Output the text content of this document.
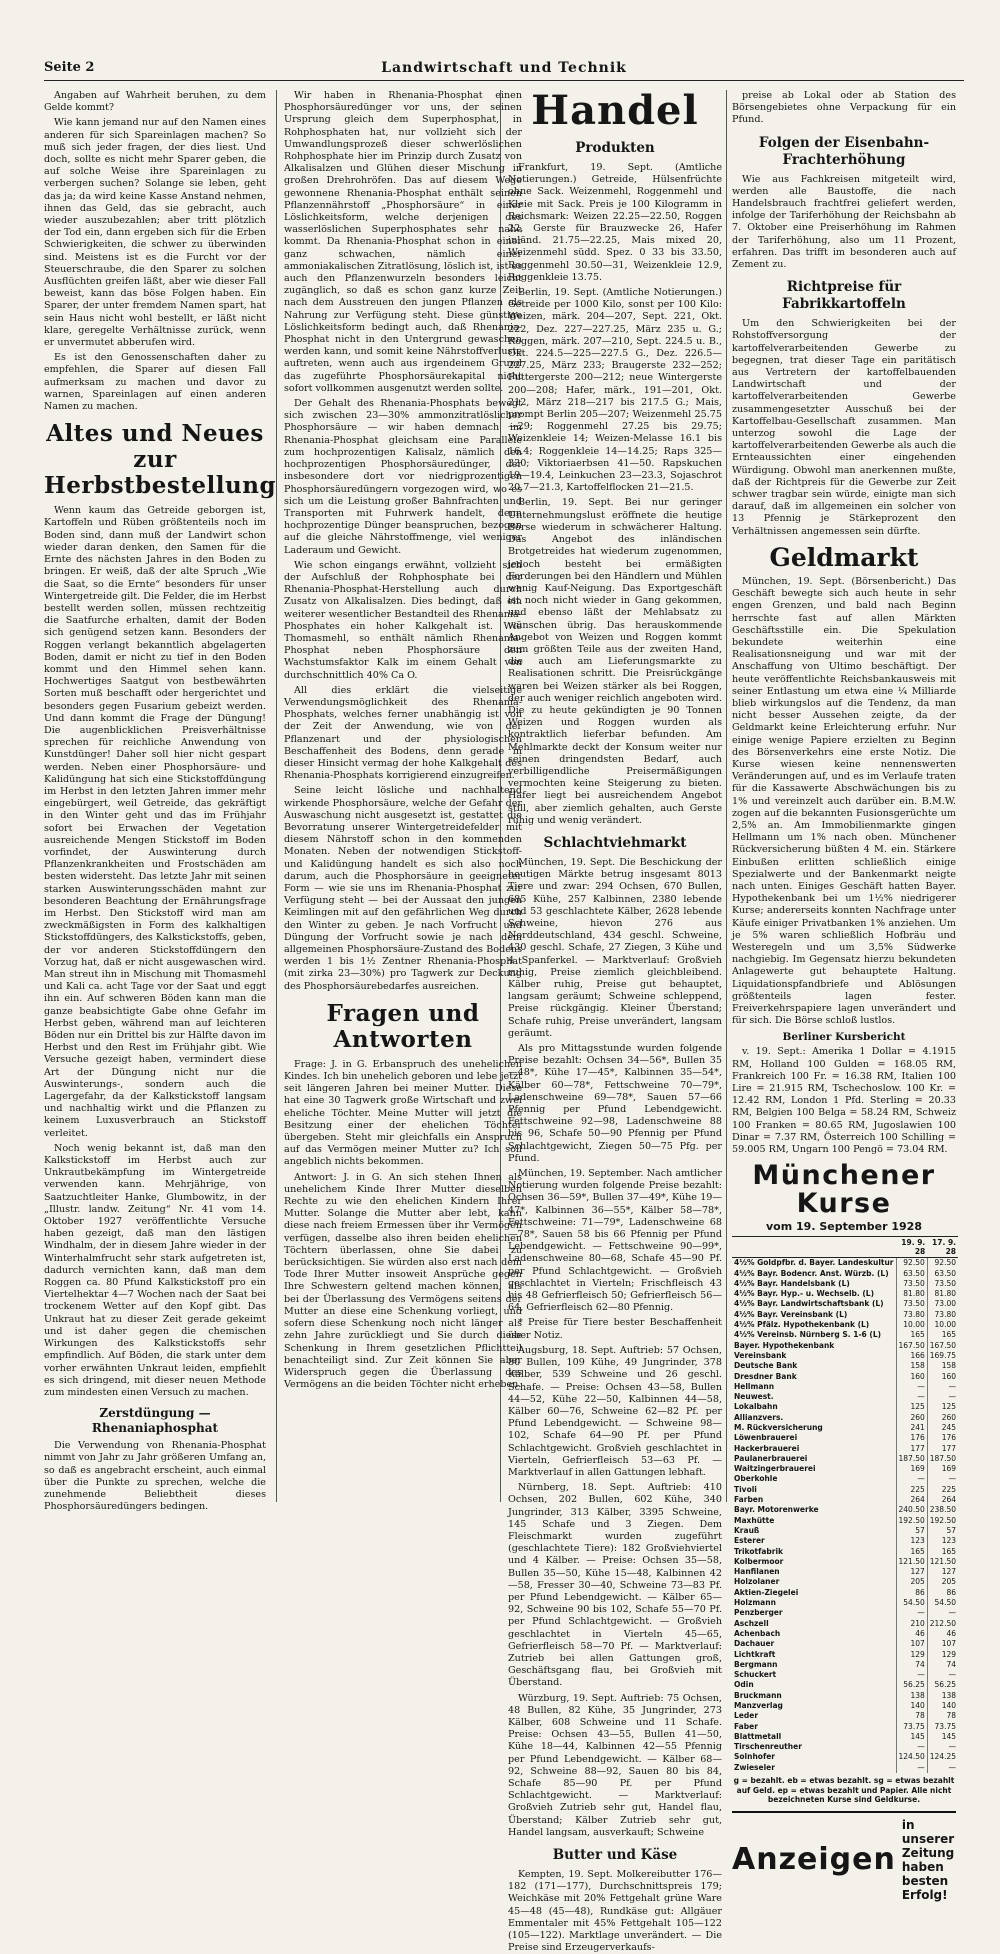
Seite 2	Landwirtschaft und Technik

Angaben auf Wahrheit beruhen, zu dem Gelde kommt?

Wie kann jemand nur auf den Namen eines anderen für sich Spareinlagen machen? So muß sich jeder fragen, der dies liest. Und doch, sollte es nicht mehr Sparer geben, die auf solche Weise ihre Spareinlagen zu verbergen suchen? Solange sie leben, geht das ja; da wird keine Kasse Anstand nehmen, ihnen das Geld, das sie gebracht, auch wieder auszubezahlen; aber tritt plötzlich der Tod ein, dann ergeben sich für die Erben Schwierigkeiten, die schwer zu überwinden sind. Meistens ist es die Furcht vor der Steuerschraube, die den Sparer zu solchen Ausflüchten greifen läßt, aber wie dieser Fall beweist, kann das böse Folgen haben. Ein Sparer, der unter fremdem Namen spart, hat sein Haus nicht wohl bestellt, er läßt nicht klare, geregelte Verhältnisse zurück, wenn er unvermutet abberufen wird.

Es ist den Genossenschaften daher zu empfehlen, die Sparer auf diesen Fall aufmerksam zu machen und davor zu warnen, Spareinlagen auf einen anderen Namen zu machen.

Altes und Neues zur Herbstbestellung

Wenn kaum das Getreide geborgen ist, Kartoffeln und Rüben größtenteils noch im Boden sind, dann muß der Landwirt schon wieder daran denken, den Samen für die Ernte des nächsten Jahres in den Boden zu bringen. Er weiß, daß der alte Spruch „Wie die Saat, so die Ernte“ besonders für unser Wintergetreide gilt. Die Felder, die im Herbst bestellt werden sollen, müssen rechtzeitig die Saatfurche erhalten, damit der Boden sich genügend setzen kann. Besonders der Roggen verlangt bekanntlich abgelagerten Boden, damit er nicht zu tief in den Boden kommt und den Himmel sehen kann. Hochwertiges Saatgut von bestbewährten Sorten muß beschafft oder hergerichtet und besonders gegen Fusarium gebeizt werden. Und dann kommt die Frage der Düngung! Die augenblicklichen Preisverhältnisse sprechen für reichliche Anwendung von Kunstdünger! Daher soll hier nicht gespart werden. Neben einer Phosphorsäure- und Kalidüngung hat sich eine Stickstoffdüngung im Herbst in den letzten Jahren immer mehr eingebürgert, weil Getreide, das gekräftigt in den Winter geht und das im Frühjahr sofort bei Erwachen der Vegetation ausreichende Mengen Stickstoff im Boden vorfindet, der Auswinterung durch Pflanzenkrankheiten und Frostschäden am besten widersteht. Das letzte Jahr mit seinen starken Auswinterungsschäden mahnt zur besonderen Beachtung der Ernährungsfrage im Herbst. Den Stickstoff wird man am zweckmäßigsten in Form des kalkhaltigen Stickstoffdüngers, des Kalkstickstoffs, geben, der vor anderen Stickstoffdüngern den Vorzug hat, daß er nicht ausgewaschen wird. Man streut ihn in Mischung mit Thomasmehl und Kali ca. acht Tage vor der Saat und eggt ihn ein. Auf schweren Böden kann man die ganze beabsichtigte Gabe ohne Gefahr im Herbst geben, während man auf leichteren Böden nur ein Drittel bis zur Hälfte davon im Herbst und den Rest im Frühjahr gibt. Wie Versuche gezeigt haben, vermindert diese Art der Düngung nicht nur die Auswinterungs-, sondern auch die Lagergefahr, da der Kalkstickstoff langsam und nachhaltig wirkt und die Pflanzen zu keinem Luxusverbrauch an Stickstoff verleitet.

Noch wenig bekannt ist, daß man den Kalkstickstoff im Herbst auch zur Unkrautbekämpfung im Wintergetreide verwenden kann. Mehrjährige, von Saatzuchtleiter Hanke, Glumbowitz, in der „Illustr. landw. Zeitung“ Nr. 41 vom 14. Oktober 1927 veröffentlichte Versuche haben gezeigt, daß man den lästigen Windhalm, der in diesem Jahre wieder in der Winterhalmfrucht sehr stark aufgetreten ist, dadurch vernichten kann, daß man dem Roggen ca. 80 Pfund Kalkstickstoff pro ein Viertelhektar 4—7 Wochen nach der Saat bei trockenem Wetter auf den Kopf gibt. Das Unkraut hat zu dieser Zeit gerade gekeimt und ist daher gegen die chemischen Wirkungen des Kalkstickstoffs sehr empfindlich. Auf Böden, die stark unter dem vorher erwähnten Unkraut leiden, empfiehlt es sich dringend, mit dieser neuen Methode zum mindesten einen Versuch zu machen.

Zerstdüngung — Rhenaniaphosphat

Die Verwendung von Rhenania-Phosphat nimmt von Jahr zu Jahr größeren Umfang an, so daß es angebracht erscheint, auch einmal über die Punkte zu sprechen, welche die zunehmende Beliebtheit dieses Phosphorsäuredüngers bedingen.

Wir haben in Rhenania-Phosphat einen Phosphorsäuredünger vor uns, der seinen Ursprung gleich dem Superphosphat, in Rohphosphaten hat, nur vollzieht sich der Umwandlungsprozeß dieser schwerlöslichen Rohphosphate hier im Prinzip durch Zusatz von Alkalisalzen und Glühen dieser Mischung in großen Drehrohröfen. Das auf diesem Wege gewonnene Rhenania-Phosphat enthält seinen Pflanzennährstoff „Phosphorsäure“ in einer Löslichkeitsform, welche derjenigen des wasserlöslichen Superphosphates sehr nahe kommt. Da Rhenania-Phosphat schon in einer ganz schwachen, nämlich einer ammoniakalischen Zitratlösung, löslich ist, ist es auch den Pflanzenwurzeln besonders leicht zugänglich, so daß es schon ganz kurze Zeit nach dem Ausstreuen den jungen Pflanzen als Nahrung zur Verfügung steht. Diese günstige Löslichkeitsform bedingt auch, daß Rhenania-Phosphat nicht in den Untergrund gewaschen werden kann, und somit keine Nährstoffverluste auftreten, wenn auch aus irgendeinem Grund das zugeführte Phosphorsäurekapital nicht sofort vollkommen ausgenutzt werden sollte.

Der Gehalt des Rhenania-Phosphats bewegt sich zwischen 23—30% ammonzitratlöslicher Phosphorsäure — wir haben demnach im Rhenania-Phosphat gleichsam eine Parallele zum hochprozentigen Kalisalz, nämlich den hochprozentigen Phosphorsäuredünger, der insbesondere dort vor niedrigprozentigen Phosphorsäuredüngern vorgezogen wird, wo es sich um die Leistung großer Bahnfrachten und Transporten mit Fuhrwerk handelt, denn hochprozentige Dünger beanspruchen, bezogen auf die gleiche Nährstoffmenge, viel weniger Laderaum und Gewicht.

Wie schon eingangs erwähnt, vollzieht sich der Aufschluß der Rohphosphate bei der Rhenania-Phosphat-Herstellung auch durch Zusatz von Alkalisalzen. Dies bedingt, daß ein weiterer wesentlicher Bestandteil des Rhenania-Phosphates ein hoher Kalkgehalt ist. Wie Thomasmehl, so enthält nämlich Rhenania-Phosphat neben Phosphorsäure den Wachstumsfaktor Kalk im einem Gehalt von durchschnittlich 40% Ca O.

All dies erklärt die vielseitige Verwendungsmöglichkeit des Rhenania-Phosphats, welches ferner unabhängig ist von der Zeit der Anwendung, wie von der Pflanzenart und der physiologischen Beschaffenheit des Bodens, denn gerade in dieser Hinsicht vermag der hohe Kalkgehalt des Rhenania-Phosphats korrigierend einzugreifen.

Seine leicht lösliche und nachhaltend wirkende Phosphorsäure, welche der Gefahr der Auswaschung nicht ausgesetzt ist, gestattet die Bevorratung unserer Wintergetreidefelder mit diesem Nährstoff schon in den kommenden Monaten. Neben der notwendigen Stickstoff- und Kalidüngung handelt es sich also noch darum, auch die Phosphorsäure in geeigneter Form — wie sie uns im Rhenania-Phosphat zur Verfügung steht — bei der Aussaat den jungen Keimlingen mit auf den gefährlichen Weg durch den Winter zu geben. Je nach Vorfrucht und Düngung der Vorfrucht sowie je nach dem allgemeinen Phosphorsäure-Zustand des Bodens werden 1 bis 1½ Zentner Rhenania-Phosphat (mit zirka 23—30%) pro Tagwerk zur Deckung des Phosphorsäurebedarfes ausreichen.

Fragen und Antworten

Frage: J. in G. Erbanspruch des unehelichen Kindes. Ich bin unehelich geboren und lebe jetzt seit längeren Jahren bei meiner Mutter. Diese hat eine 30 Tagwerk große Wirtschaft und zwei eheliche Töchter. Meine Mutter will jetzt die Besitzung einer der ehelichen Töchter übergeben. Steht mir gleichfalls ein Anspruch auf das Vermögen meiner Mutter zu? Ich soll angeblich nichts bekommen.

Antwort: J. in G. An sich stehen Ihnen als unehelichem Kinde Ihrer Mutter dieselben Rechte zu wie den ehelichen Kindern Ihrer Mutter. Solange die Mutter aber lebt, kann diese nach freiem Ermessen über ihr Vermögen verfügen, dasselbe also ihren beiden ehelichen Töchtern überlassen, ohne Sie dabei zu berücksichtigen. Sie würden also erst nach dem Tode Ihrer Mutter insoweit Ansprüche gegen Ihre Schwestern geltend machen können, als bei der Überlassung des Vermögens seitens der Mutter an diese eine Schenkung vorliegt, und sofern diese Schenkung noch nicht länger als zehn Jahre zurückliegt und Sie durch diese Schenkung in Ihrem gesetzlichen Pflichtteil benachteiligt sind. Zur Zeit können Sie aber Widerspruch gegen die Überlassung des Vermögens an die beiden Töchter nicht erheben.

Handel
Produkten

Frankfurt, 19. Sept. (Amtliche Notierungen.) Getreide, Hülsenfrüchte ohne Sack. Weizenmehl, Roggenmehl und Kleie mit Sack. Preis je 100 Kilogramm in Reichsmark: Weizen 22.25—22.50, Roggen 22, Gerste für Brauzwecke 26, Hafer inländ. 21.75—22.25, Mais mixed 20, Weizenmehl südd. Spez. 0 33 bis 33.50, Roggenmehl 30.50—31, Weizenkleie 12.9, Roggenkleie 13.75.

Berlin, 19. Sept. (Amtliche Notierungen.) Getreide per 1000 Kilo, sonst per 100 Kilo: Weizen, märk. 204—207, Sept. 221, Okt. 222, Dez. 227—227.25, März 235 u. G.; Roggen, märk. 207—210, Sept. 224.5 u. B., Okt. 224.5—225—227.5 G., Dez. 226.5—227.25, März 233; Braugerste 232—252; Futtergerste 200—212; neue Wintergerste 200—208; Hafer, märk., 191—201, Okt. 212, März 218—217 bis 217.5 G.; Mais, prompt Berlin 205—207; Weizenmehl 25.75—29; Roggenmehl 27.25 bis 29.75; Weizenkleie 14; Weizen-Melasse 16.1 bis 16.4; Roggenkleie 14—14.25; Raps 325—330; Viktoriaerbsen 41—50. Rapskuchen 19—19.4, Leinkuchen 23—23.3, Sojaschrot 20.7—21.3, Kartoffelflocken 21—21.5.

Berlin, 19. Sept. Bei nur geringer Unternehmungslust eröffnete die heutige Börse wiederum in schwächerer Haltung. Das Angebot des inländischen Brotgetreides hat wiederum zugenommen, jedoch besteht bei ermäßigten Forderungen bei den Händlern und Mühlen wenig Kauf-Neigung. Das Exportgeschäft ist noch nicht wieder in Gang gekommen, und ebenso läßt der Mehlabsatz zu wünschen übrig. Das herauskommende Angebot von Weizen und Roggen kommt zum größten Teile aus der zweiten Hand, die auch am Lieferungsmarkte zu Realisationen schritt. Die Preisrückgänge waren bei Weizen stärker als bei Roggen, der auch weniger reichlich angeboten wird. Die zu heute gekündigten je 90 Tonnen Weizen und Roggen wurden als kontraktlich lieferbar befunden. Am Mehlmarkte deckt der Konsum weiter nur seinen dringendsten Bedarf, auch verbilligendliche Preisermäßigungen vermochten keine Steigerung zu bieten. Hafer liegt bei ausreichendem Angebot still, aber ziemlich gehalten, auch Gerste ruhig und wenig verändert.

Schlachtviehmarkt

München, 19. Sept. Die Beschickung der heutigen Märkte betrug insgesamt 8013 Tiere und zwar: 294 Ochsen, 670 Bullen, 685 Kühe, 257 Kalbinnen, 2380 lebende und 53 geschlachtete Kälber, 2628 lebende Schweine, hievon 276 aus Norddeutschland, 434 geschl. Schweine, 430 geschl. Schafe, 27 Ziegen, 3 Kühe und 4 Spanferkel. — Marktverlauf: Großvieh ruhig, Preise ziemlich gleichbleibend. Kälber ruhig, Preise gut behauptet, langsam geräumt; Schweine schleppend, Preise rückgängig. Kleiner Überstand; Schafe ruhig, Preise unverändert, langsam geräumt.

Als pro Mittagsstunde wurden folgende Preise bezahlt: Ochsen 34—56*, Bullen 35—48*, Kühe 17—45*, Kalbinnen 35—54*, Kälber 60—78*, Fettschweine 70—79*, Ladenschweine 69—78*, Sauen 57—66 Pfennig per Pfund Lebendgewicht. Fettschweine 92—98, Ladenschweine 88 bis 96, Schafe 50—90 Pfennig per Pfund Schlachtgewicht, Ziegen 50—75 Pfg. per Pfund.

München, 19. September. Nach amtlicher Notierung wurden folgende Preise bezahlt: Ochsen 36—59*, Bullen 37—49*, Kühe 19—47*, Kalbinnen 36—55*, Kälber 58—78*, Fettschweine: 71—79*, Ladenschweine 68—78*, Sauen 58 bis 66 Pfennig per Pfund Lebendgewicht. — Fettschweine 90—99*, Ladenschweine 80—68, Schafe 45—90 Pf. per Pfund Schlachtgewicht. — Großvieh geschlachtet in Vierteln; Frischfleisch 43 bis 48 Gefrierfleisch 50; Gefrierfleisch 56—64, Gefrierfleisch 62—80 Pfennig.

* Preise für Tiere bester Beschaffenheit über Notiz.

Augsburg, 18. Sept. Auftrieb: 57 Ochsen, 80 Bullen, 109 Kühe, 49 Jungrinder, 378 Kälber, 539 Schweine und 26 geschl. Schafe. — Preise: Ochsen 43—58, Bullen 44—52, Kühe 22—50, Kalbinnen 44—58, Kälber 60—76, Schweine 62—82 Pf. per Pfund Lebendgewicht. — Schweine 98—102, Schafe 64—90 Pf. per Pfund Schlachtgewicht. Großvieh geschlachtet in Vierteln, Gefrierfleisch 53—63 Pf. — Marktverlauf in allen Gattungen lebhaft.

Nürnberg, 18. Sept. Auftrieb: 410 Ochsen, 202 Bullen, 602 Kühe, 340 Jungrinder, 313 Kälber, 3395 Schweine, 145 Schafe und 3 Ziegen. Dem Fleischmarkt wurden zugeführt (geschlachtete Tiere): 182 Großviehviertel und 4 Kälber. — Preise: Ochsen 35—58, Bullen 35—50, Kühe 15—48, Kalbinnen 42—58, Fresser 30—40, Schweine 73—83 Pf. per Pfund Lebendgewicht. — Kälber 65—92, Schweine 90 bis 102, Schafe 55—70 Pf. per Pfund Schlachtgewicht. — Großvieh geschlachtet in Vierteln 45—65, Gefrierfleisch 58—70 Pf. — Marktverlauf: Zutrieb bei allen Gattungen groß, Geschäftsgang flau, bei Großvieh mit Überstand.

Würzburg, 19. Sept. Auftrieb: 75 Ochsen, 48 Bullen, 82 Kühe, 35 Jungrinder, 273 Kälber, 608 Schweine und 11 Schafe. Preise: Ochsen 43—55, Bullen 41—50, Kühe 18—44, Kalbinnen 42—55 Pfennig per Pfund Lebendgewicht. — Kälber 68—92, Schweine 88—92, Sauen 80 bis 84, Schafe 85—90 Pf. per Pfund Schlachtgewicht. — Marktverlauf: Großvieh Zutrieb sehr gut, Handel flau, Überstand; Kälber Zutrieb sehr gut, Handel langsam, ausverkauft; Schweine

Butter und Käse

Kempten, 19. Sept. Molkereibutter 176—182 (171—177), Durchschnittspreis 179; Weichkäse mit 20% Fettgehalt grüne Ware 45—48 (45—48), Rundkäse gut: Allgäuer Emmentaler mit 45% Fettgehalt 105—122 (105—122). Marktlage unverändert. — Die Preise sind Erzeugerverkaufs-

preise ab Lokal oder ab Station des Börsengebietes ohne Verpackung für ein Pfund.

Folgen der Eisenbahn-Frachterhöhung

Wie aus Fachkreisen mitgeteilt wird, werden alle Baustoffe, die nach Handelsbrauch frachtfrei geliefert werden, infolge der Tariferhöhung der Reichsbahn ab 7. Oktober eine Preiserhöhung im Rahmen der Tariferhöhung, also um 11 Prozent, erfahren. Das trifft im besonderen auch auf Zement zu.

Richtpreise für Fabrikkartoffeln

Um den Schwierigkeiten bei der Rohstoffversorgung der kartoffelverarbeitenden Gewerbe zu begegnen, trat dieser Tage ein paritätisch aus Vertretern der kartoffelbauenden Landwirtschaft und der kartoffelverarbeitenden Gewerbe zusammengesetzter Ausschuß bei der Kartoffelbau-Gesellschaft zusammen. Man unterzog sowohl die Lage der kartoffelverarbeitenden Gewerbe als auch die Ernteaussichten einer eingehenden Würdigung. Obwohl man anerkennen mußte, daß der Richtpreis für die Gewerbe zur Zeit schwer tragbar sein würde, einigte man sich darauf, daß im allgemeinen ein solcher von 13 Pfennig je Stärkeprozent den Verhältnissen angemessen sein dürfte.

Geldmarkt

München, 19. Sept. (Börsenbericht.) Das Geschäft bewegte sich auch heute in sehr engen Grenzen, und bald nach Beginn herrschte fast auf allen Märkten Geschäftsstille ein. Die Spekulation bekundete weiterhin eine Realisationsneigung und war mit der Anschaffung von Ultimo beschäftigt. Der heute veröffentlichte Reichsbankausweis mit seiner Entlastung um etwa eine ¼ Milliarde blieb wirkungslos auf die Tendenz, da man nicht besser Aussehen zeigte, da der Geldmarkt keine Erleichterung erfuhr. Nur einige wenige Papiere erzielten zu Beginn des Börsenverkehrs eine erste Notiz. Die Kurse wiesen keine nennenswerten Veränderungen auf, und es im Verlaufe traten für die Kassawerte Abschwächungen bis zu 1% und vereinzelt auch darüber ein. B.M.W. zogen auf die bekannten Fusionsgerüchte um 2,5% an. Am Immobilienmarkte gingen Hellmann um 1% nach oben. Münchener Rückversicherung büßten 4 M. ein. Stärkere Einbußen erlitten schließlich einige Spezialwerte und der Bankenmarkt neigte nach unten. Einiges Geschäft hatten Bayer. Hypothekenbank bei um 1½% niedrigerer Kurse; andererseits konnten Nachfrage unter Käufe einiger Privatbanken 1% anziehen. Um je 5% waren schließlich Hofbräu und Westeregeln und um 3,5% Südwerke nachgiebig. Im Gegensatz hierzu bekundeten Anlagewerte gut behauptete Haltung. Liquidationspfandbriefe und Ablösungen größtenteils lagen fester. Freiverkehrspapiere lagen unverändert und für sich. Die Börse schloß lustlos.

Berliner Kursbericht

v. 19. Sept.: Amerika 1 Dollar = 4.1915 RM, Holland 100 Gulden = 168.05 RM, Frankreich 100 Fr. = 16.38 RM, Italien 100 Lire = 21.915 RM, Tschechoslow. 100 Kr. = 12.42 RM, London 1 Pfd. Sterling = 20.33 RM, Belgien 100 Belga = 58.24 RM, Schweiz 100 Franken = 80.65 RM, Jugoslawien 100 Dinar = 7.37 RM, Österreich 100 Schilling = 59.005 RM, Ungarn 100 Pengö = 73.04 RM.

Münchener Kurse
vom 19. September 1928
	19. 9. 28	17. 9. 28
4½% Goldpfbr. d. Bayer. Landeskultur	92.50	92.50
4½% Bayr. Bodencr. Anst. Würzb. (L)	63.50	63.50
4½% Bayr. Handelsbank (L)	73.50	73.50
4½% Bayr. Hyp.- u. Wechselb. (L)	81.80	81.80
4½% Bayr. Landwirtschaftsbank (L)	73.50	73.00
4½% Bayr. Vereinsbank (L)	73.80	73.80
4½% Pfälz. Hypothekenbank (L)	10.00	10.00
4½% Vereinsb. Nürnberg S. 1-6 (L)	165	165
Bayer. Hypothekenbank	167.50	167.50
Vereinsbank	166	169.75
Deutsche Bank	158	158
Dresdner Bank	160	160
Hellmann	—	—
Neuwest.	—	—
Lokalbahn	125	125
Allianzvers.	260	260
M. Rückversicherung	241	245
Löwenbrauerei	176	176
Hackerbrauerei	177	177
Paulanerbrauerei	187.50	187.50
Waitzingerbrauerei	169	169
Oberkohle	—	—
Tivoli	225	225
Farben	264	264
Bayr. Motorenwerke	240.50	238.50
Maxhütte	192.50	192.50
Krauß	57	57
Esterer	123	123
Trikotfabrik	165	165
Kolbermoor	121.50	121.50
Hanfilanen	127	127
Holzolaner	205	205
Aktien-Ziegelei	86	86
Holzmann	54.50	54.50
Penzberger	—	—
Aschzell	210	212.50
Achenbach	46	46
Dachauer	107	107
Lichtkraft	129	129
Bergmann	74	74
Schuckert	—	—
Odin	56.25	56.25
Bruckmann	138	138
Manzverlag	140	140
Leder	78	78
Faber	73.75	73.75
Blattmetall	145	145
Tirschenreuther	—	—
Solnhofer	124.50	124.25
Zwieseler	—	—
g = bezahlt. eb = etwas bezahlt. sg = etwas bezahlt auf Geld. ep = etwas bezahlt und Papier. Alle nicht bezeichneten Kurse sind Geldkurse.
Anzeigen
in unserer Zeitung
haben besten Erfolg!
